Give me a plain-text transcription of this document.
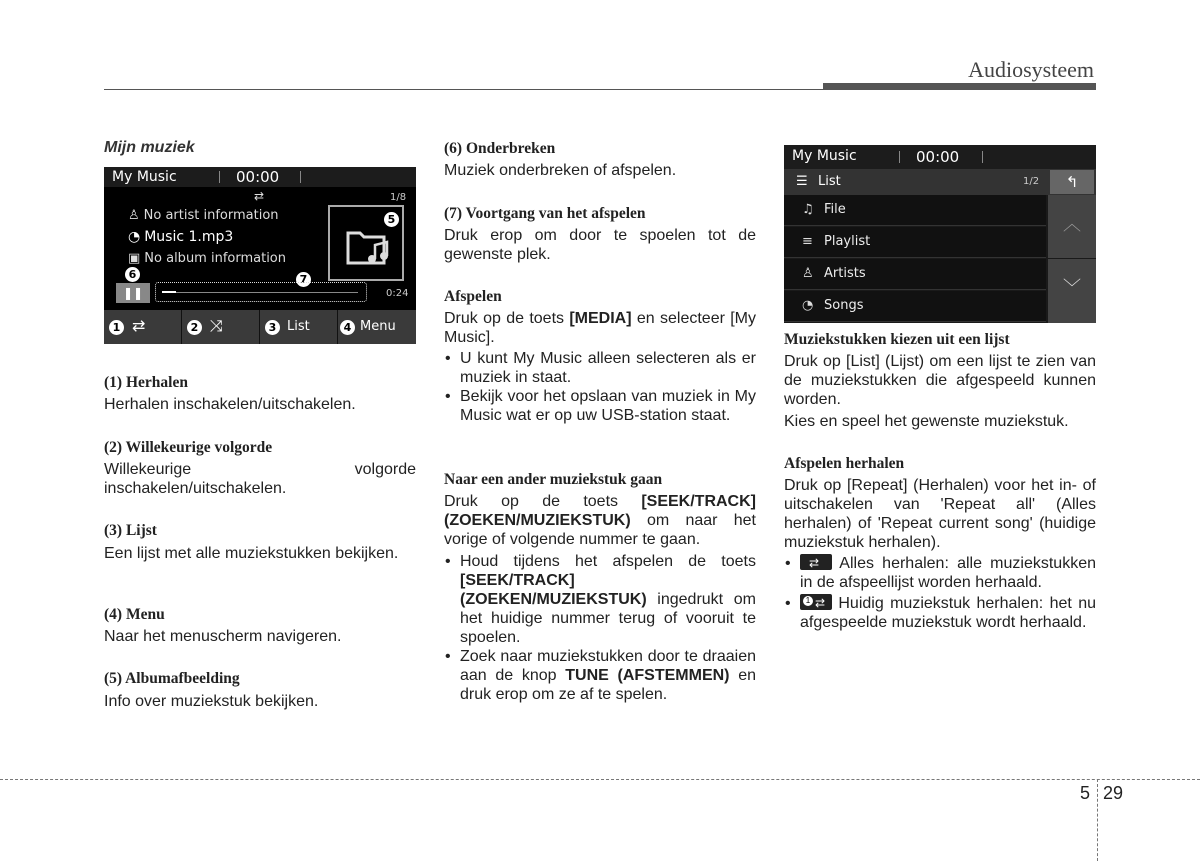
Audiosysteem
Mijn muziek
My Music	00:00
⇄	1/8
♙ No artist information
◔ Music 1.mp3
▣ No album information
5
6	7
❚❚	0:24
1 ⇄	2 ⤨	3 List	4 Menu
(1) Herhalen
Herhalen inschakelen/uitschakelen.
(2) Willekeurige volgorde
Willekeurige	volgorde
inschakelen/uitschakelen.
(3) Lijst
Een lijst met alle muziekstukken bekijken.
(4) Menu
Naar het menuscherm navigeren.
(5) Albumafbeelding
Info over muziekstuk bekijken.
(6) Onderbreken
Muziek onderbreken of afspelen.
(7) Voortgang van het afspelen
Druk erop om door te spoelen tot de gewenste plek.
Afspelen
Druk op de toets [MEDIA] en selecteer [My Music].
• U kunt My Music alleen selecteren als er muziek in staat.
• Bekijk voor het opslaan van muziek in My Music wat er op uw USB-station staat.
Naar een ander muziekstuk gaan
Druk op de toets [SEEK/TRACK] (ZOEKEN/MUZIEKSTUK) om naar het vorige of volgende nummer te gaan.
• Houd tijdens het afspelen de toets [SEEK/TRACK] (ZOEKEN/MUZIEKSTUK) ingedrukt om het huidige nummer terug of vooruit te spoelen.
• Zoek naar muziekstukken door te draaien aan de knop TUNE (AFSTEMMEN) en druk erop om ze af te spelen.
My Music	00:00
☰ List	1/2	↰
♫ File
≡ Playlist
♙ Artists
◔ Songs
︿
﹀
Muziekstukken kiezen uit een lijst
Druk op [List] (Lijst) om een lijst te zien van de muziekstukken die afgespeeld kunnen worden.
Kies en speel het gewenste muziekstuk.
Afspelen herhalen
Druk op [Repeat] (Herhalen) voor het in- of uitschakelen van 'Repeat all' (Alles herhalen) of 'Repeat current song' (huidige muziekstuk herhalen).
• ⇄ Alles herhalen: alle muziekstukken in de afspeellijst worden herhaald.
• 1 ⇄ Huidig muziekstuk herhalen: het nu afgespeelde muziekstuk wordt herhaald.
5 29
